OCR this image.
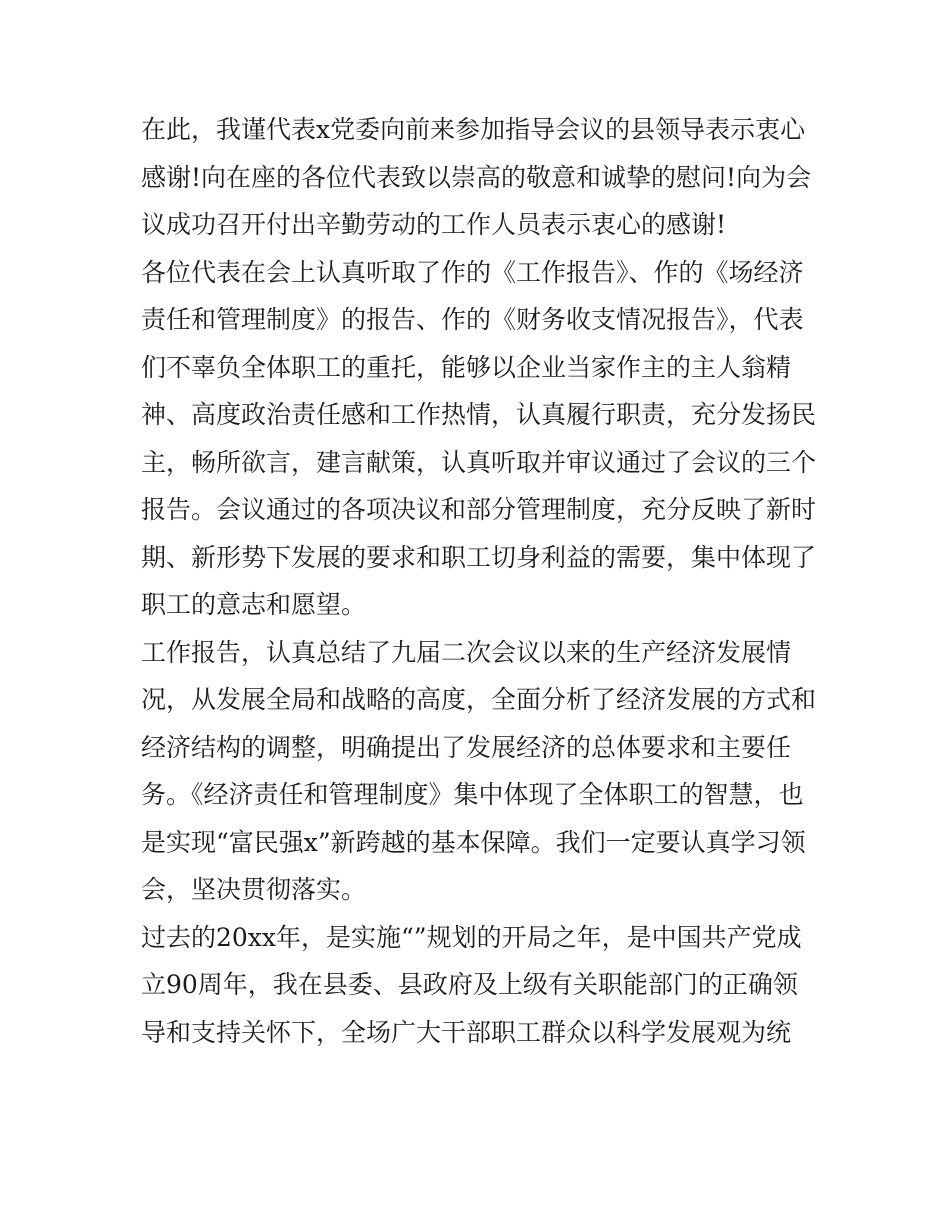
在此，我谨代表x党委向前来参加指导会议的县领导表示衷心
感谢!向在座的各位代表致以崇高的敬意和诚挚的慰问!向为会
议成功召开付出辛勤劳动的工作人员表示衷心的感谢!
各位代表在会上认真听取了作的《工作报告》、作的《场经济
责任和管理制度》的报告、作的《财务收支情况报告》，代表
们不辜负全体职工的重托，能够以企业当家作主的主人翁精
神、高度政治责任感和工作热情，认真履行职责，充分发扬民
主，畅所欲言，建言献策，认真听取并审议通过了会议的三个
报告。会议通过的各项决议和部分管理制度，充分反映了新时
期、新形势下发展的要求和职工切身利益的需要，集中体现了
职工的意志和愿望。
工作报告，认真总结了九届二次会议以来的生产经济发展情
况，从发展全局和战略的高度，全面分析了经济发展的方式和
经济结构的调整，明确提出了发展经济的总体要求和主要任
务。《经济责任和管理制度》集中体现了全体职工的智慧，也
是实现“富民强x”新跨越的基本保障。我们一定要认真学习领
会，坚决贯彻落实。
过去的20xx年，是实施“”规划的开局之年，是中国共产党成
立90周年，我在县委、县政府及上级有关职能部门的正确领
导和支持关怀下，全场广大干部职工群众以科学发展观为统
